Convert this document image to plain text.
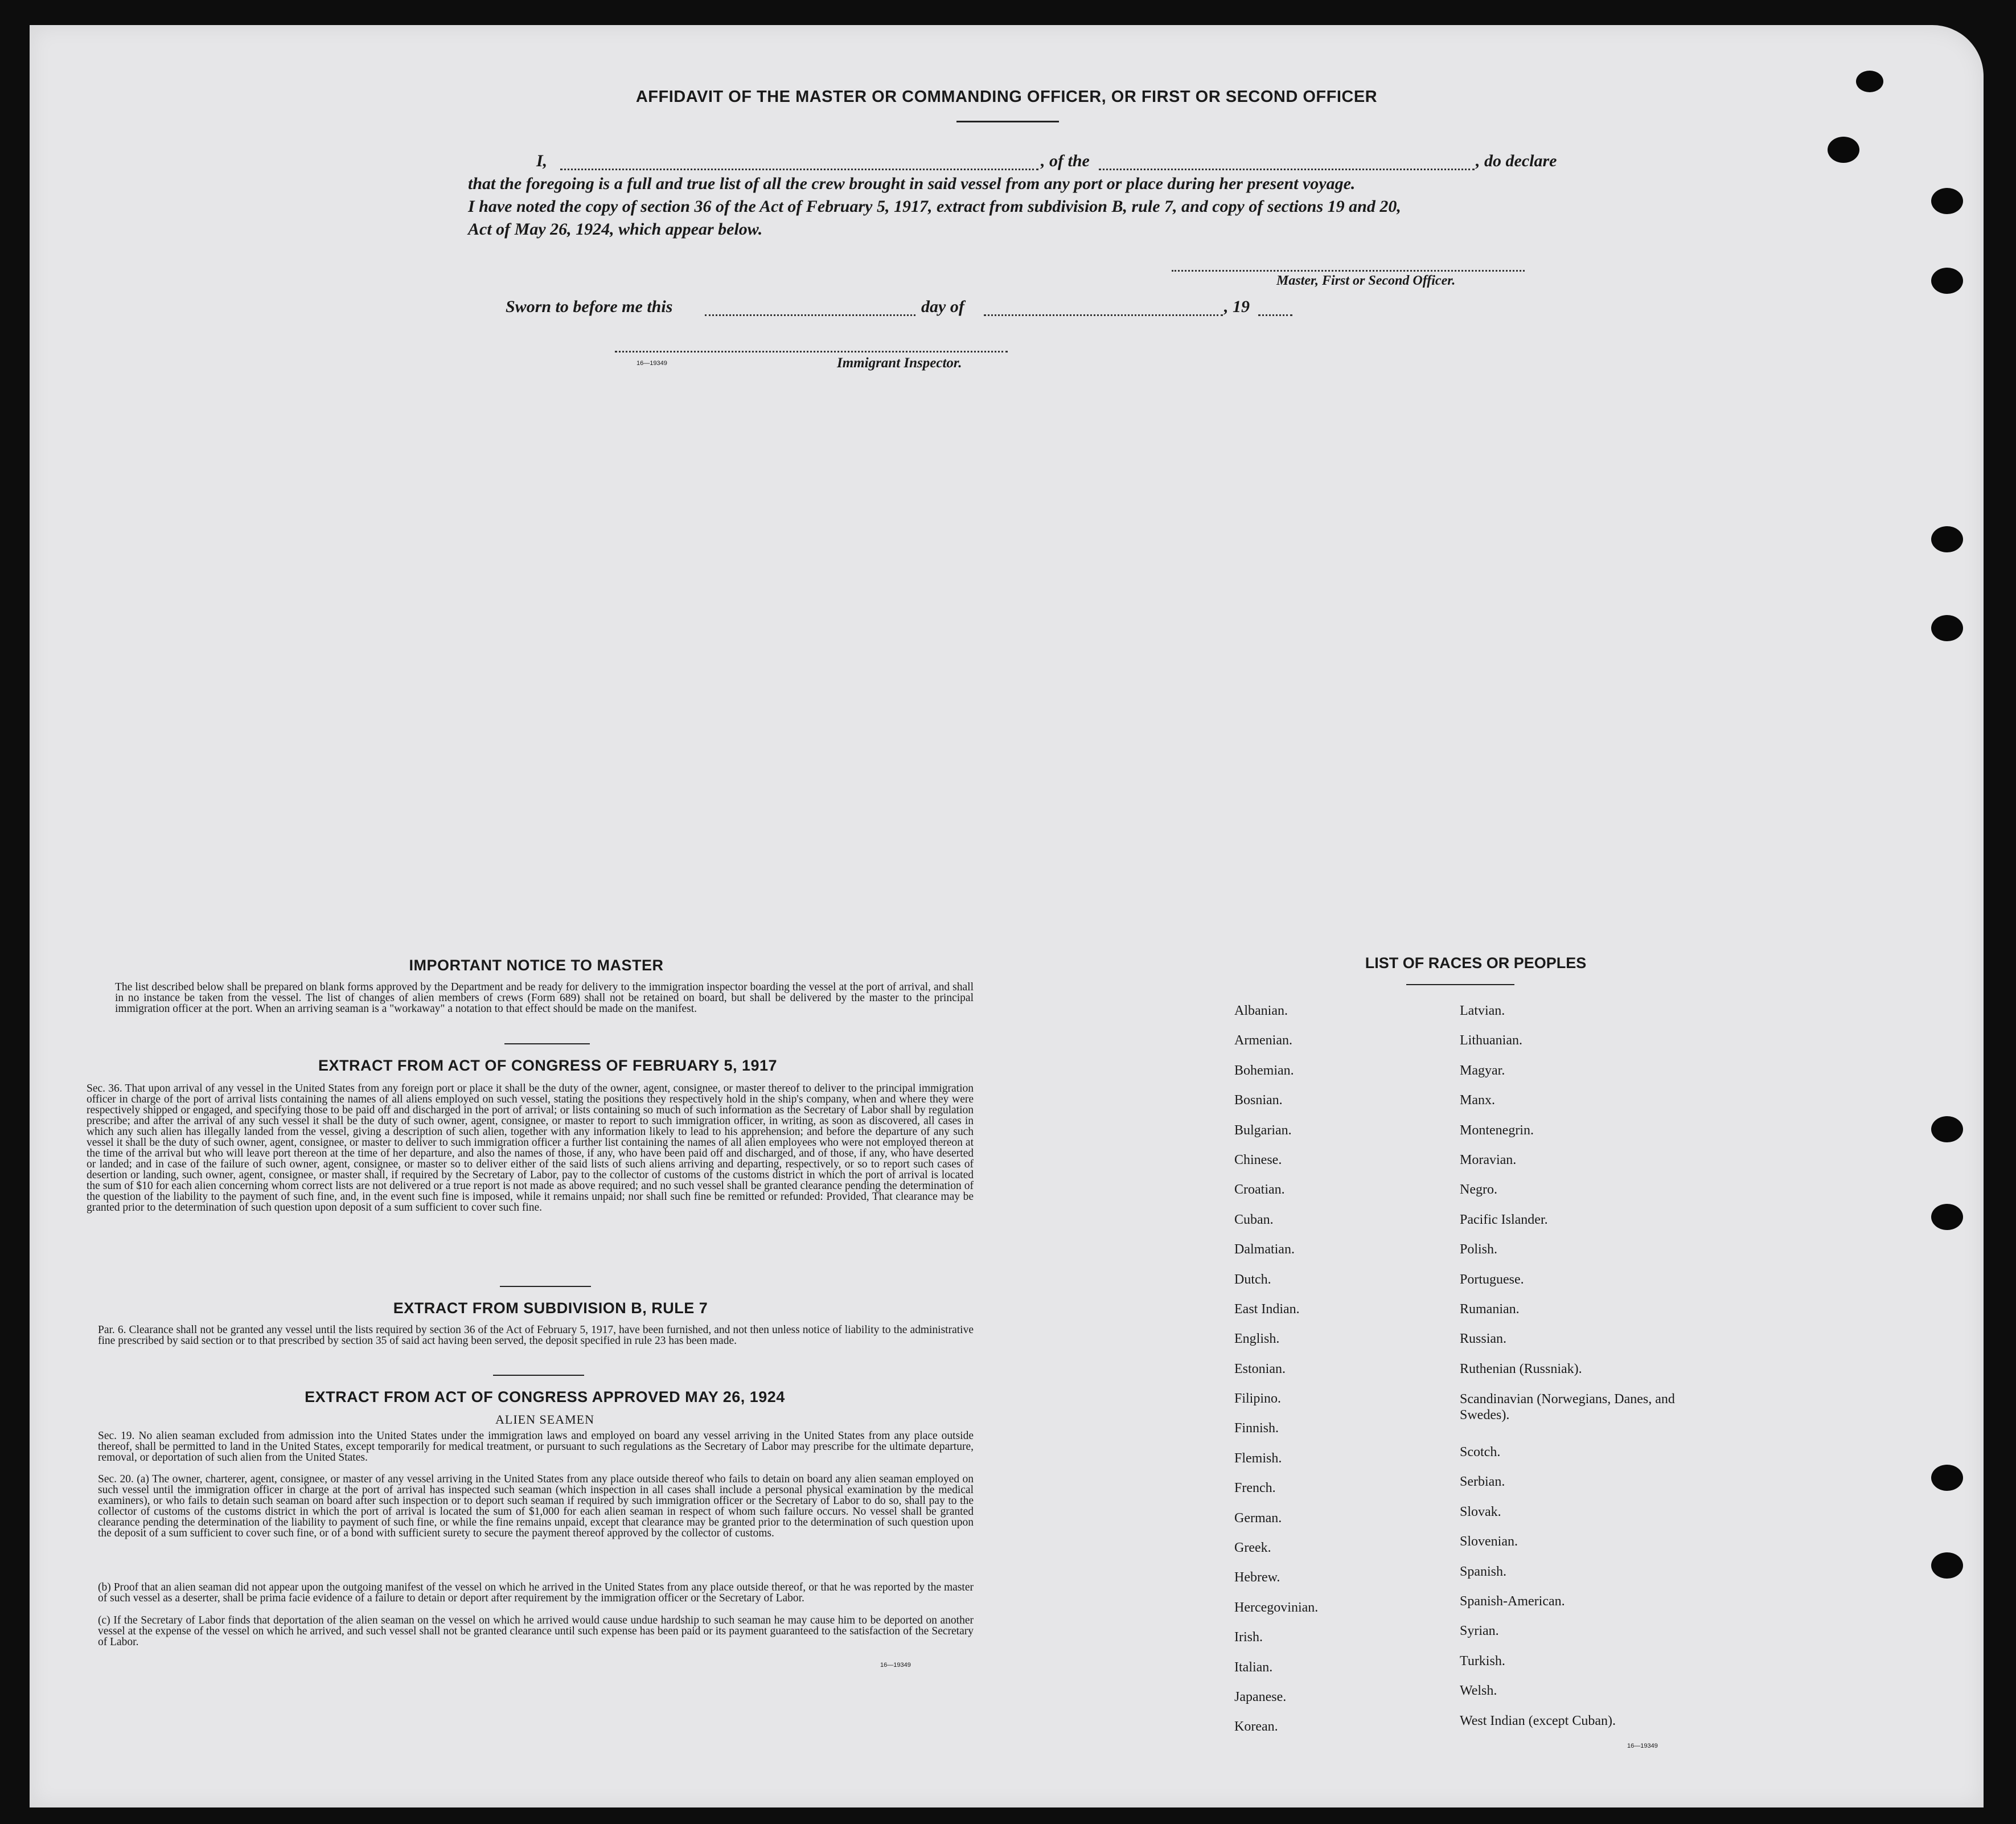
AFFIDAVIT OF THE MASTER OR COMMANDING OFFICER, OR FIRST OR SECOND OFFICER
I,	, of the	, do declare
that the foregoing is a full and true list of all the crew brought in said vessel from any port or place during her present voyage.
I have noted the copy of section 36 of the Act of February 5, 1917, extract from subdivision B, rule 7, and copy of sections 19 and 20,
Act of May 26, 1924, which appear below.
Master, First or Second Officer.
Sworn to before me this	day of	, 19
16—19349	Immigrant Inspector.
IMPORTANT NOTICE TO MASTER
The list described below shall be prepared on blank forms approved by the Department and be ready for delivery to the immigration inspector boarding the vessel at the port of arrival, and shall in no instance be taken from the vessel. The list of changes of alien members of crews (Form 689) shall not be retained on board, but shall be delivered by the master to the principal immigration officer at the port. When an arriving seaman is a "workaway" a notation to that effect should be made on the manifest.
EXTRACT FROM ACT OF CONGRESS OF FEBRUARY 5, 1917
Sec. 36. That upon arrival of any vessel in the United States from any foreign port or place it shall be the duty of the owner, agent, consignee, or master thereof to deliver to the principal immigration officer in charge of the port of arrival lists containing the names of all aliens employed on such vessel, stating the positions they respectively hold in the ship's company, when and where they were respectively shipped or engaged, and specifying those to be paid off and discharged in the port of arrival; or lists containing so much of such information as the Secretary of Labor shall by regulation prescribe; and after the arrival of any such vessel it shall be the duty of such owner, agent, consignee, or master to report to such immigration officer, in writing, as soon as discovered, all cases in which any such alien has illegally landed from the vessel, giving a description of such alien, together with any information likely to lead to his apprehension; and before the departure of any such vessel it shall be the duty of such owner, agent, consignee, or master to deliver to such immigration officer a further list containing the names of all alien employees who were not employed thereon at the time of the arrival but who will leave port thereon at the time of her departure, and also the names of those, if any, who have been paid off and discharged, and of those, if any, who have deserted or landed; and in case of the failure of such owner, agent, consignee, or master so to deliver either of the said lists of such aliens arriving and departing, respectively, or so to report such cases of desertion or landing, such owner, agent, consignee, or master shall, if required by the Secretary of Labor, pay to the collector of customs of the customs district in which the port of arrival is located the sum of $10 for each alien concerning whom correct lists are not delivered or a true report is not made as above required; and no such vessel shall be granted clearance pending the determination of the question of the liability to the payment of such fine, and, in the event such fine is imposed, while it remains unpaid; nor shall such fine be remitted or refunded: Provided, That clearance may be granted prior to the determination of such question upon deposit of a sum sufficient to cover such fine.
EXTRACT FROM SUBDIVISION B, RULE 7
Par. 6. Clearance shall not be granted any vessel until the lists required by section 36 of the Act of February 5, 1917, have been furnished, and not then unless notice of liability to the administrative fine prescribed by said section or to that prescribed by section 35 of said act having been served, the deposit specified in rule 23 has been made.
EXTRACT FROM ACT OF CONGRESS APPROVED MAY 26, 1924
ALIEN SEAMEN
Sec. 19. No alien seaman excluded from admission into the United States under the immigration laws and employed on board any vessel arriving in the United States from any place outside thereof, shall be permitted to land in the United States, except temporarily for medical treatment, or pursuant to such regulations as the Secretary of Labor may prescribe for the ultimate departure, removal, or deportation of such alien from the United States.
Sec. 20. (a) The owner, charterer, agent, consignee, or master of any vessel arriving in the United States from any place outside thereof who fails to detain on board any alien seaman employed on such vessel until the immigration officer in charge at the port of arrival has inspected such seaman (which inspection in all cases shall include a personal physical examination by the medical examiners), or who fails to detain such seaman on board after such inspection or to deport such seaman if required by such immigration officer or the Secretary of Labor to do so, shall pay to the collector of customs of the customs district in which the port of arrival is located the sum of $1,000 for each alien seaman in respect of whom such failure occurs. No vessel shall be granted clearance pending the determination of the liability to payment of such fine, or while the fine remains unpaid, except that clearance may be granted prior to the determination of such question upon the deposit of a sum sufficient to cover such fine, or of a bond with sufficient surety to secure the payment thereof approved by the collector of customs.
(b) Proof that an alien seaman did not appear upon the outgoing manifest of the vessel on which he arrived in the United States from any place outside thereof, or that he was reported by the master of such vessel as a deserter, shall be prima facie evidence of a failure to detain or deport after requirement by the immigration officer or the Secretary of Labor.
(c) If the Secretary of Labor finds that deportation of the alien seaman on the vessel on which he arrived would cause undue hardship to such seaman he may cause him to be deported on another vessel at the expense of the vessel on which he arrived, and such vessel shall not be granted clearance until such expense has been paid or its payment guaranteed to the satisfaction of the Secretary of Labor.
16—19349
LIST OF RACES OR PEOPLES
Albanian.
Armenian.
Bohemian.
Bosnian.
Bulgarian.
Chinese.
Croatian.
Cuban.
Dalmatian.
Dutch.
East Indian.
English.
Estonian.
Filipino.
Finnish.
Flemish.
French.
German.
Greek.
Hebrew.
Hercegovinian.
Irish.
Italian.
Japanese.
Korean.
Latvian.
Lithuanian.
Magyar.
Manx.
Montenegrin.
Moravian.
Negro.
Pacific Islander.
Polish.
Portuguese.
Rumanian.
Russian.
Ruthenian (Russniak).
Scandinavian (Norwegians, Danes, and Swedes).
Scotch.
Serbian.
Slovak.
Slovenian.
Spanish.
Spanish-American.
Syrian.
Turkish.
Welsh.
West Indian (except Cuban).
16—19349
